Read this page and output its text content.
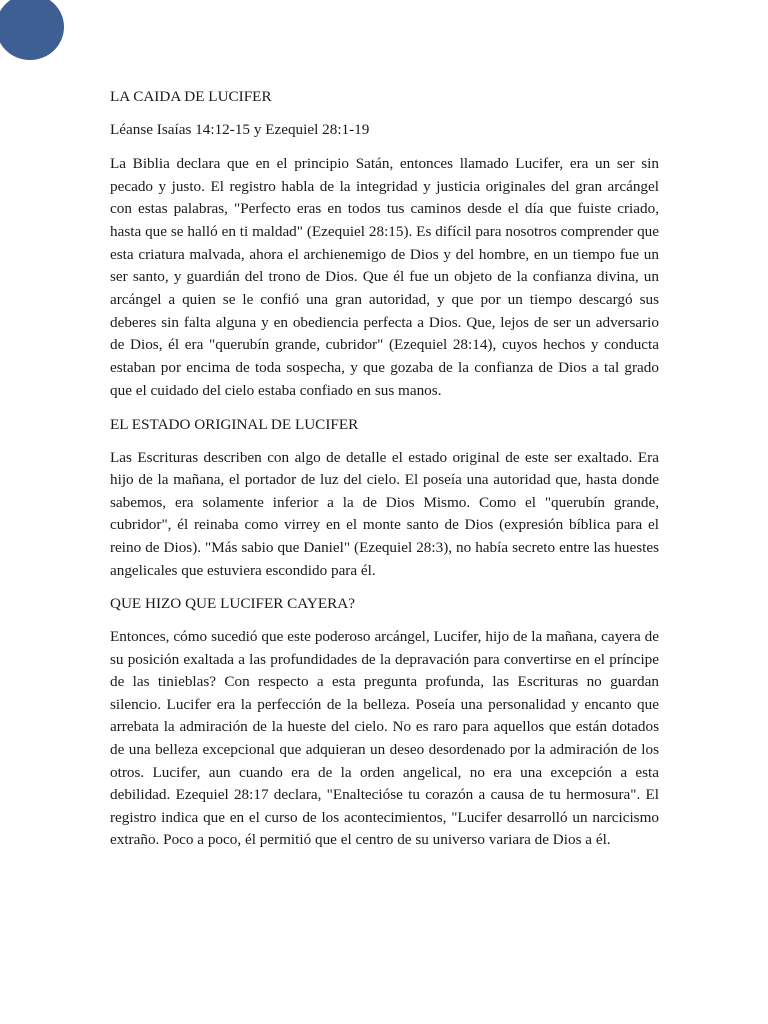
LA CAIDA DE LUCIFER

Léanse Isaías 14:12-15 y Ezequiel 28:1-19

La Biblia declara que en el principio Satán, entonces llamado Lucifer, era un ser sin pecado y justo. El registro habla de la integridad y justicia originales del gran arcángel con estas palabras, "Perfecto eras en todos tus caminos desde el día que fuiste criado, hasta que se halló en ti maldad" (Ezequiel 28:15). Es difícil para nosotros comprender que esta criatura malvada, ahora el archienemigo de Dios y del hombre, en un tiempo fue un ser santo, y guardián del trono de Dios. Que él fue un objeto de la confianza divina, un arcángel a quien se le confió una gran autoridad, y que por un tiempo descargó sus deberes sin falta alguna y en obediencia perfecta a Dios. Que, lejos de ser un adversario de Dios, él era "querubín grande, cubridor" (Ezequiel 28:14), cuyos hechos y conducta estaban por encima de toda sospecha, y que gozaba de la confianza de Dios a tal grado que el cuidado del cielo estaba confiado en sus manos.

EL ESTADO ORIGINAL DE LUCIFER

Las Escrituras describen con algo de detalle el estado original de este ser exaltado. Era hijo de la mañana, el portador de luz del cielo. El poseía una autoridad que, hasta donde sabemos, era solamente inferior a la de Dios Mismo. Como el "querubín grande, cubridor", él reinaba como virrey en el monte santo de Dios (expresión bíblica para el reino de Dios). "Más sabio que Daniel" (Ezequiel 28:3), no había secreto entre las huestes angelicales que estuviera escondido para él.

QUE HIZO QUE LUCIFER CAYERA?

Entonces, cómo sucedió que este poderoso arcángel, Lucifer, hijo de la mañana, cayera de su posición exaltada a las profundidades de la depravación para convertirse en el príncipe de las tinieblas? Con respecto a esta pregunta profunda, las Escrituras no guardan silencio. Lucifer era la perfección de la belleza. Poseía una personalidad y encanto que arrebata la admiración de la hueste del cielo. No es raro para aquellos que están dotados de una belleza excepcional que adquieran un deseo desordenado por la admiración de los otros. Lucifer, aun cuando era de la orden angelical, no era una excepción a esta debilidad. Ezequiel 28:17 declara, "Enaltecióse tu corazón a causa de tu hermosura". El registro indica que en el curso de los acontecimientos, "Lucifer desarrolló un narcicismo extraño. Poco a poco, él permitió que el centro de su universo variara de Dios a él.
